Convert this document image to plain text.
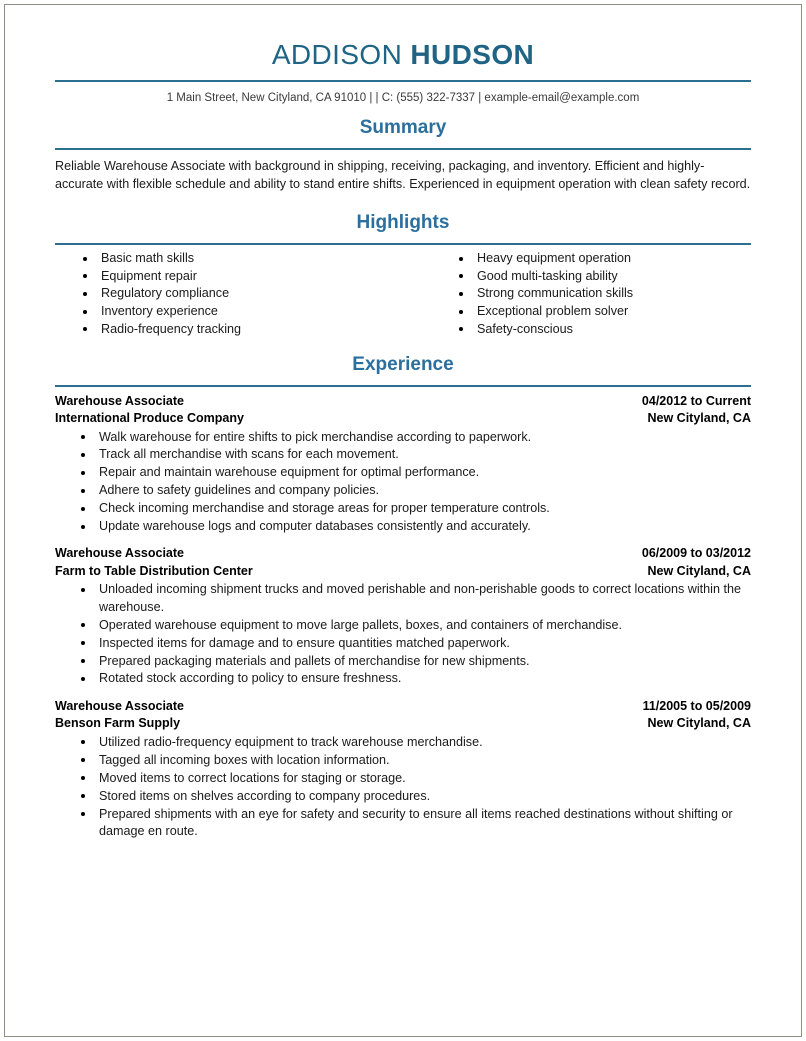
ADDISON HUDSON
1 Main Street, New Cityland, CA 91010 | | C: (555) 322-7337 | example-email@example.com
Summary
Reliable Warehouse Associate with background in shipping, receiving, packaging, and inventory. Efficient and highly-accurate with flexible schedule and ability to stand entire shifts. Experienced in equipment operation with clean safety record.
Highlights
Basic math skills
Equipment repair
Regulatory compliance
Inventory experience
Radio-frequency tracking
Heavy equipment operation
Good multi-tasking ability
Strong communication skills
Exceptional problem solver
Safety-conscious
Experience
Warehouse Associate
International Produce Company
04/2012 to Current
New Cityland, CA
Walk warehouse for entire shifts to pick merchandise according to paperwork.
Track all merchandise with scans for each movement.
Repair and maintain warehouse equipment for optimal performance.
Adhere to safety guidelines and company policies.
Check incoming merchandise and storage areas for proper temperature controls.
Update warehouse logs and computer databases consistently and accurately.
Warehouse Associate
Farm to Table Distribution Center
06/2009 to 03/2012
New Cityland, CA
Unloaded incoming shipment trucks and moved perishable and non-perishable goods to correct locations within the warehouse.
Operated warehouse equipment to move large pallets, boxes, and containers of merchandise.
Inspected items for damage and to ensure quantities matched paperwork.
Prepared packaging materials and pallets of merchandise for new shipments.
Rotated stock according to policy to ensure freshness.
Warehouse Associate
Benson Farm Supply
11/2005 to 05/2009
New Cityland, CA
Utilized radio-frequency equipment to track warehouse merchandise.
Tagged all incoming boxes with location information.
Moved items to correct locations for staging or storage.
Stored items on shelves according to company procedures.
Prepared shipments with an eye for safety and security to ensure all items reached destinations without shifting or damage en route.
